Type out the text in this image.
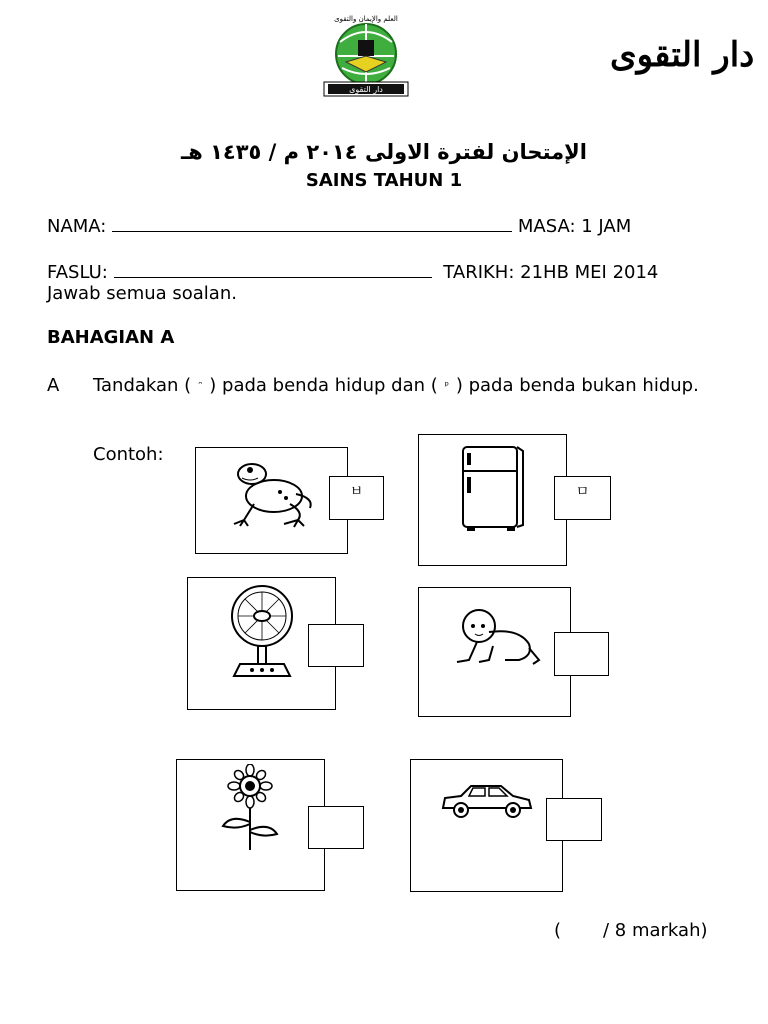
دار التقوى
العلم والإيمان والتقوى
دار التقوى
الإمتحان لفترة الاولى ٢٠١٤ م / ١٤٣٥ هـ
SAINS TAHUN 1
NAMA:	MASA: 1 JAM
FASLU:	TARIKH: 21HB MEI 2014
Jawab semua soalan.
BAHAGIAN A
A Tandakan ( $^ᵔ$ ) pada benda hidup dan ( $^ᵖ$ ) pada benda bukan hidup.
Contoh:
ㅂ	ㅁ
( / 8 markah)
